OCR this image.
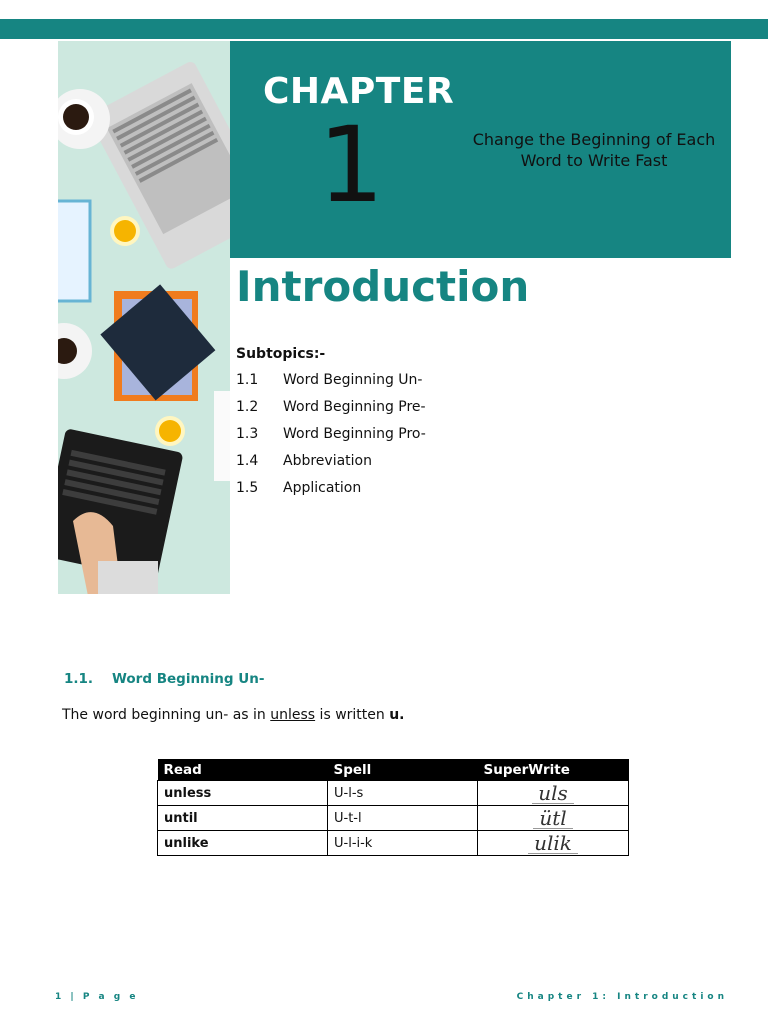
CHAPTER
1	Change the Beginning of Each Word to Write Fast
Introduction
Subtopics:-
1.1	Word Beginning Un-
1.2	Word Beginning Pre-
1.3	Word Beginning Pro-
1.4	Abbreviation
1.5	Application
1.1.	Word Beginning Un-
The word beginning un- as in unless is written u.
Read	Spell	SuperWrite
unless	U-l-s	uls
until	U-t-l	ütl
unlike	U-l-i-k	ulik
1 | P a g e	Chapter 1: Introduction
